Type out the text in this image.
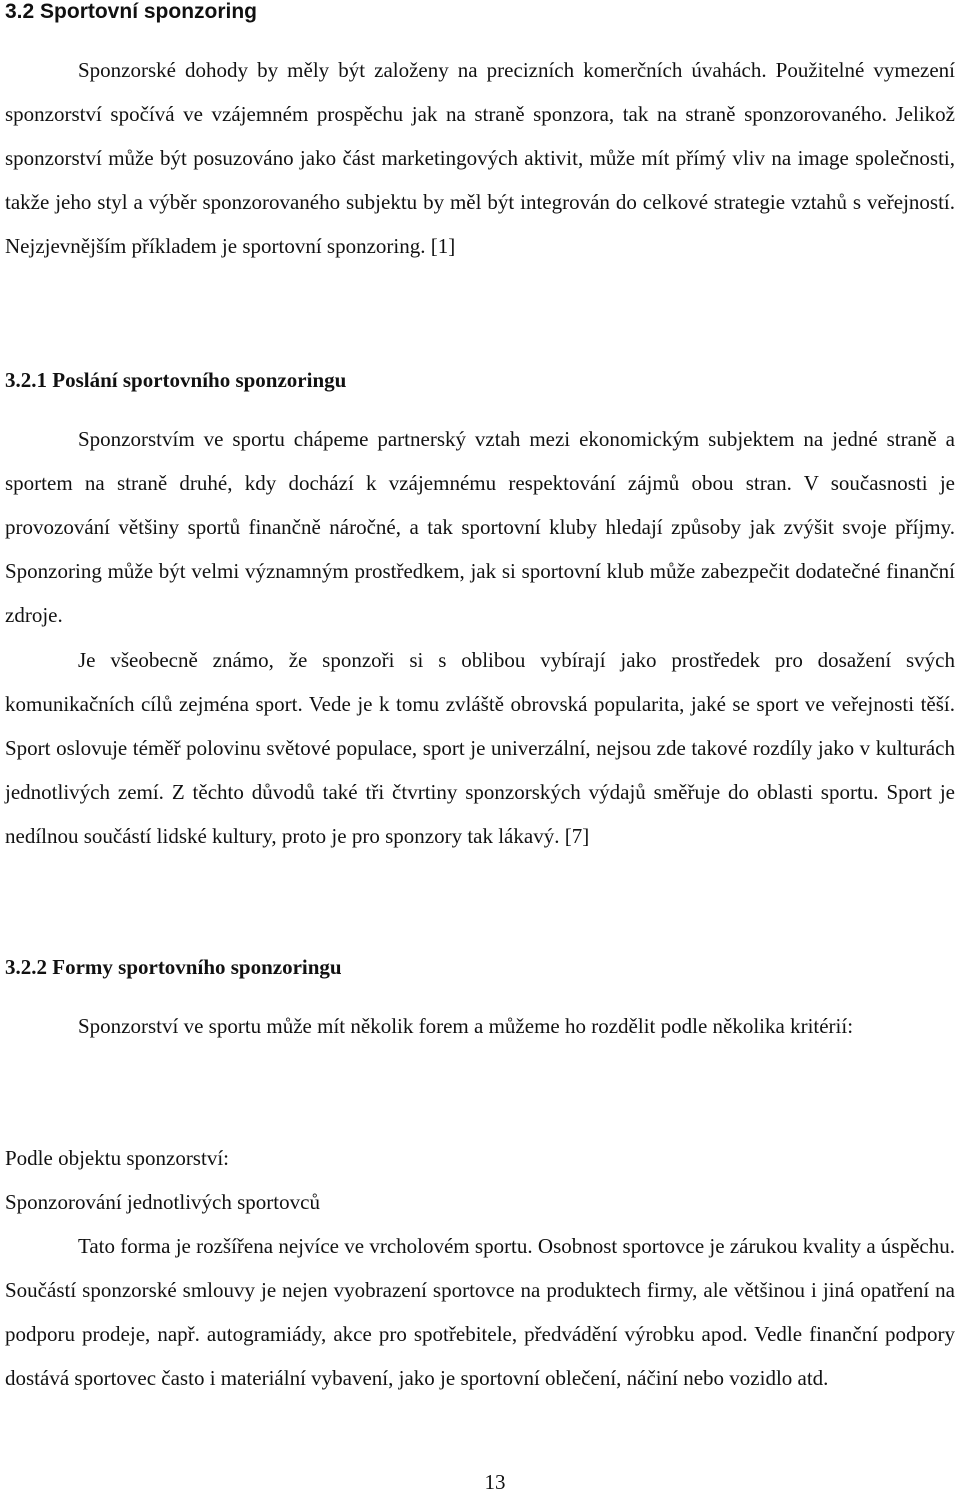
3.2 Sportovní sponzoring

Sponzorské dohody by měly být založeny na precizních komerčních úvahách. Použitelné vymezení sponzorství spočívá ve vzájemném prospěchu jak na straně sponzora, tak na straně sponzorovaného. Jelikož sponzorství může být posuzováno jako část marketingových aktivit, může mít přímý vliv na image společnosti, takže jeho styl a výběr sponzorovaného subjektu by měl být integrován do celkové strategie vztahů s veřejností. Nejzjevnějším příkladem je sportovní sponzoring. [1]

3.2.1 Poslání sportovního sponzoringu

Sponzorstvím ve sportu chápeme partnerský vztah mezi ekonomickým subjektem na jedné straně a sportem na straně druhé, kdy dochází k vzájemnému respektování zájmů obou stran. V současnosti je provozování většiny sportů finančně náročné, a tak sportovní kluby hledají způsoby jak zvýšit svoje příjmy. Sponzoring může být velmi významným prostředkem, jak si sportovní klub může zabezpečit dodatečné finanční zdroje.

Je všeobecně známo, že sponzoři si s oblibou vybírají jako prostředek pro dosažení svých komunikačních cílů zejména sport. Vede je k tomu zvláště obrovská popularita, jaké se sport ve veřejnosti těší. Sport oslovuje téměř polovinu světové populace, sport je univerzální, nejsou zde takové rozdíly jako v kulturách jednotlivých zemí. Z těchto důvodů také tři čtvrtiny sponzorských výdajů směřuje do oblasti sportu. Sport je nedílnou součástí lidské kultury, proto je pro sponzory tak lákavý. [7]

3.2.2 Formy sportovního sponzoringu

Sponzorství ve sportu může mít několik forem a můžeme ho rozdělit podle několika kritérií:

Podle objektu sponzorství:

Sponzorování jednotlivých sportovců

Tato forma je rozšířena nejvíce ve vrcholovém sportu. Osobnost sportovce je zárukou kvality a úspěchu. Součástí sponzorské smlouvy je nejen vyobrazení sportovce na produktech firmy, ale většinou i jiná opatření na podporu prodeje, např. autogramiády, akce pro spotřebitele, předvádění výrobku apod. Vedle finanční podpory dostává sportovec často i materiální vybavení, jako je sportovní oblečení, náčiní nebo vozidlo atd.

13
